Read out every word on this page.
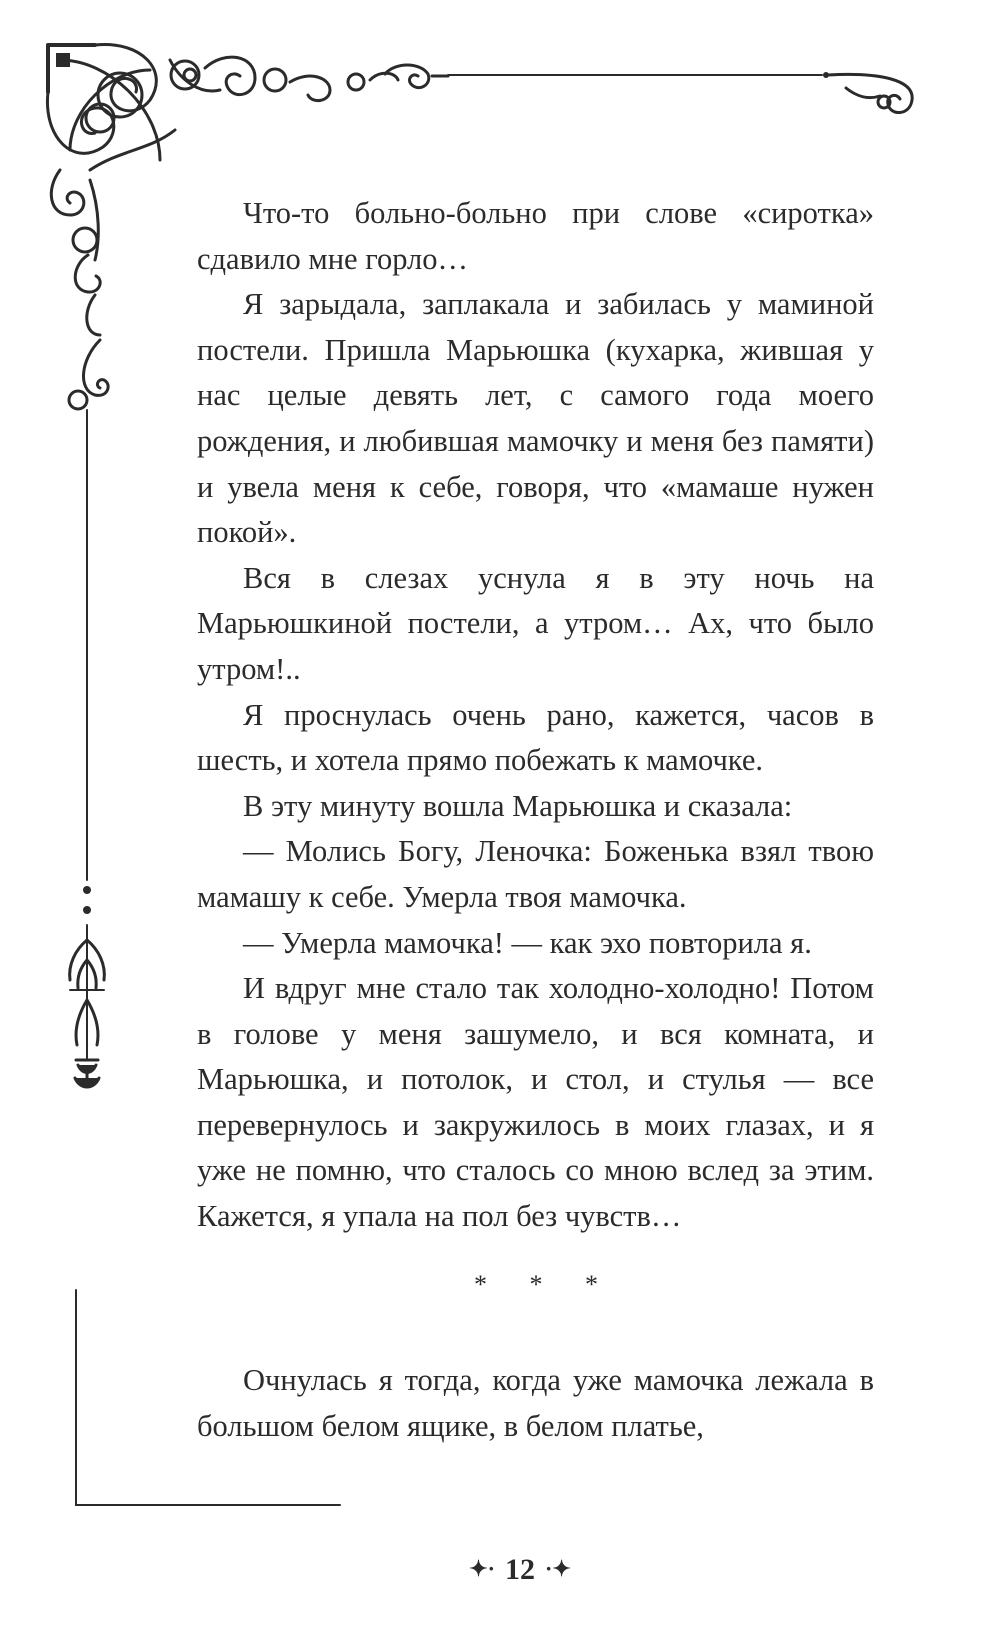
Что-то больно-больно при слове «сиротка» сдавило мне горло…

Я зарыдала, заплакала и забилась у маминой постели. Пришла Марьюшка (кухарка, жившая у нас целые девять лет, с самого года моего рождения, и любившая мамочку и меня без памяти) и увела меня к себе, говоря, что «мамаше нужен покой».

Вся в слезах уснула я в эту ночь на Марьюшкиной постели, а утром… Ах, что было утром!..

Я проснулась очень рано, кажется, часов в шесть, и хотела прямо побежать к мамочке.

В эту минуту вошла Марьюшка и сказала:

— Молись Богу, Леночка: Боженька взял твою мамашу к себе. Умерла твоя мамочка.

— Умерла мамочка! — как эхо повторила я.

И вдруг мне стало так холодно-холодно! Потом в голове у меня зашумело, и вся комната, и Марьюшка, и потолок, и стол, и стулья — все перевернулось и закружилось в моих глазах, и я уже не помню, что сталось со мною вслед за этим. Кажется, я упала на пол без чувств…

* * *

Очнулась я тогда, когда уже мамочка лежала в большом белом ящике, в белом платье,

✦· 12 ·✦
